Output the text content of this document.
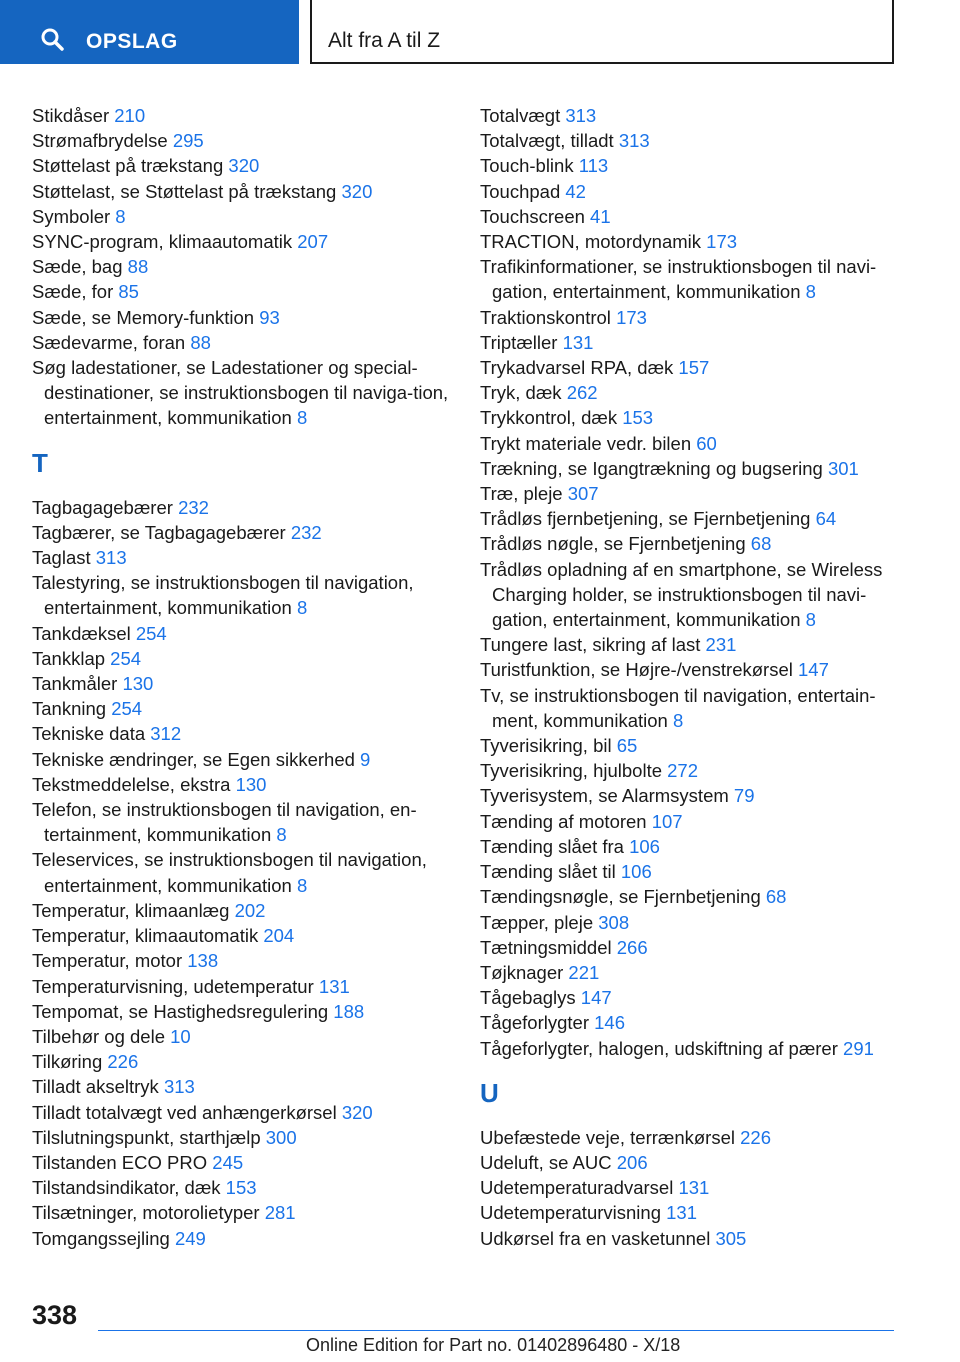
OPSLAG	Alt fra A til Z
Stikdåser 210
Strømafbrydelse 295
Støttelast på trækstang 320
Støttelast, se Støttelast på trækstang 320
Symboler 8
SYNC-program, klimaautomatik 207
Sæde, bag 88
Sæde, for 85
Sæde, se Memory-funktion 93
Sædevarme, foran 88
Søg ladestationer, se Ladestationer og special‐destinationer, se instruktionsbogen til naviga‐tion, entertainment, kommunikation 8
T
Tagbagagebærer 232
Tagbærer, se Tagbagagebærer 232
Taglast 313
Talestyring, se instruktionsbogen til navigation, entertainment, kommunikation 8
Tankdæksel 254
Tankklap 254
Tankmåler 130
Tankning 254
Tekniske data 312
Tekniske ændringer, se Egen sikkerhed 9
Tekstmeddelelse, ekstra 130
Telefon, se instruktionsbogen til navigation, en‐tertainment, kommunikation 8
Teleservices, se instruktionsbogen til navigation, entertainment, kommunikation 8
Temperatur, klimaanlæg 202
Temperatur, klimaautomatik 204
Temperatur, motor 138
Temperaturvisning, udetemperatur 131
Tempomat, se Hastighedsregulering 188
Tilbehør og dele 10
Tilkøring 226
Tilladt akseltryk 313
Tilladt totalvægt ved anhængerkørsel 320
Tilslutningspunkt, starthjælp 300
Tilstanden ECO PRO 245
Tilstandsindikator, dæk 153
Tilsætninger, motorolietyper 281
Tomgangssejling 249
Totalvægt 313
Totalvægt, tilladt 313
Touch-blink 113
Touchpad 42
Touchscreen 41
TRACTION, motordynamik 173
Trafikinformationer, se instruktionsbogen til navi‐gation, entertainment, kommunikation 8
Traktionskontrol 173
Triptæller 131
Trykadvarsel RPA, dæk 157
Tryk, dæk 262
Trykkontrol, dæk 153
Trykt materiale vedr. bilen 60
Trækning, se Igangtrækning og bugsering 301
Træ, pleje 307
Trådløs fjernbetjening, se Fjernbetjening 64
Trådløs nøgle, se Fjernbetjening 68
Trådløs opladning af en smartphone, se Wireless Charging holder, se instruktionsbogen til navi‐gation, entertainment, kommunikation 8
Tungere last, sikring af last 231
Turistfunktion, se Højre-/venstrekørsel 147
Tv, se instruktionsbogen til navigation, entertain‐ment, kommunikation 8
Tyverisikring, bil 65
Tyverisikring, hjulbolte 272
Tyverisystem, se Alarmsystem 79
Tænding af motoren 107
Tænding slået fra 106
Tænding slået til 106
Tændingsnøgle, se Fjernbetjening 68
Tæpper, pleje 308
Tætningsmiddel 266
Tøjknager 221
Tågebaglys 147
Tågeforlygter 146
Tågeforlygter, halogen, udskiftning af pærer 291
U
Ubefæstede veje, terrænkørsel 226
Udeluft, se AUC 206
Udetemperaturadvarsel 131
Udetemperaturvisning 131
Udkørsel fra en vasketunnel 305
338
Online Edition for Part no. 01402896480 - X/18
